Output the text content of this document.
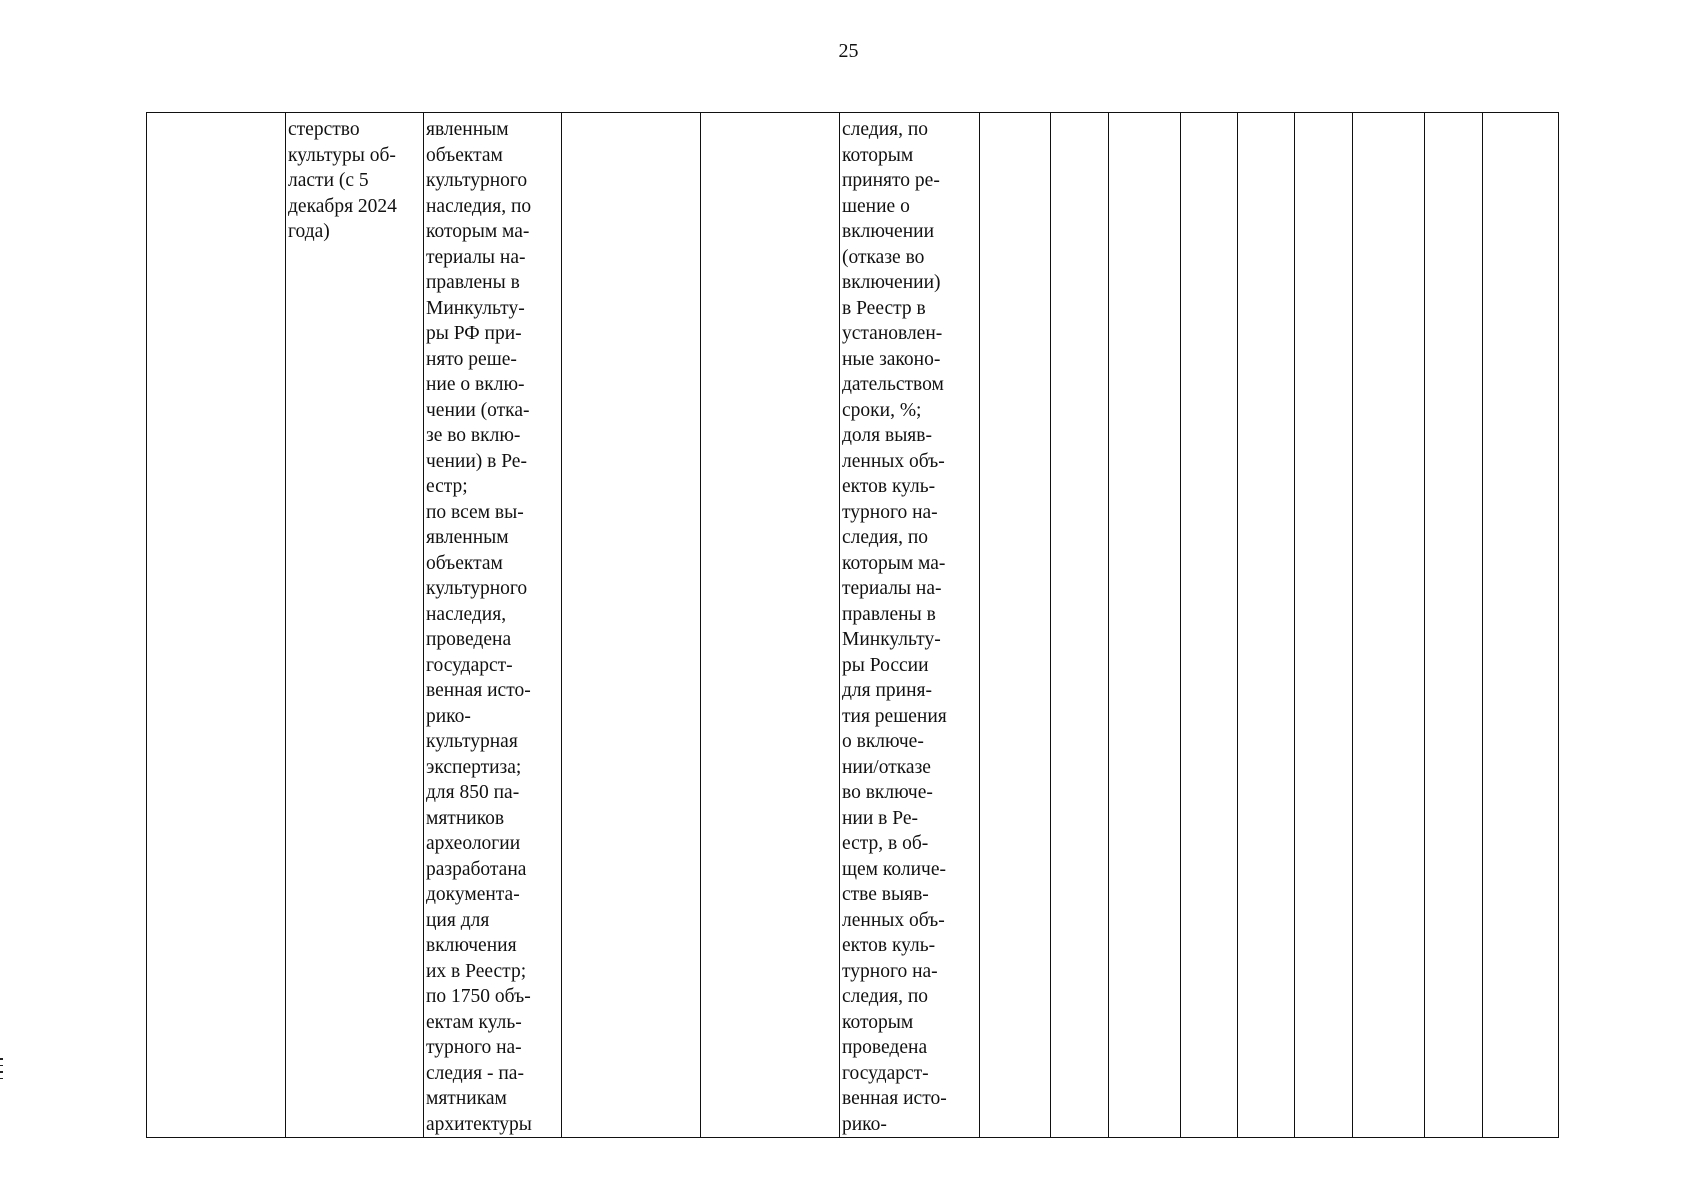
25
	стерство
культуры об-
ласти (с 5
декабря 2024
года)	явленным
объектам
культурного
наследия, по
которым ма-
териалы на-
правлены в
Минкульту-
ры РФ при-
нято реше-
ние о вклю-
чении (отка-
зе во вклю-
чении) в Ре-
естр;
по всем вы-
явленным
объектам
культурного
наследия,
проведена
государст-
венная исто-
рико-
культурная
экспертиза;
для 850 па-
мятников
археологии
разработана
документа-
ция для
включения
их в Реестр;
по 1750 объ-
ектам куль-
турного на-
следия - па-
мятникам
архитектуры			следия, по
которым
принято ре-
шение о
включении
(отказе во
включении)
в Реестр в
установлен-
ные законо-
дательством
сроки, %;
доля выяв-
ленных объ-
ектов куль-
турного на-
следия, по
которым ма-
териалы на-
правлены в
Минкульту-
ры России
для приня-
тия решения
о включе-
нии/отказе
во включе-
нии в Ре-
естр, в об-
щем количе-
стве выяв-
ленных объ-
ектов куль-
турного на-
следия, по
которым
проведена
государст-
венная исто-
рико-									
